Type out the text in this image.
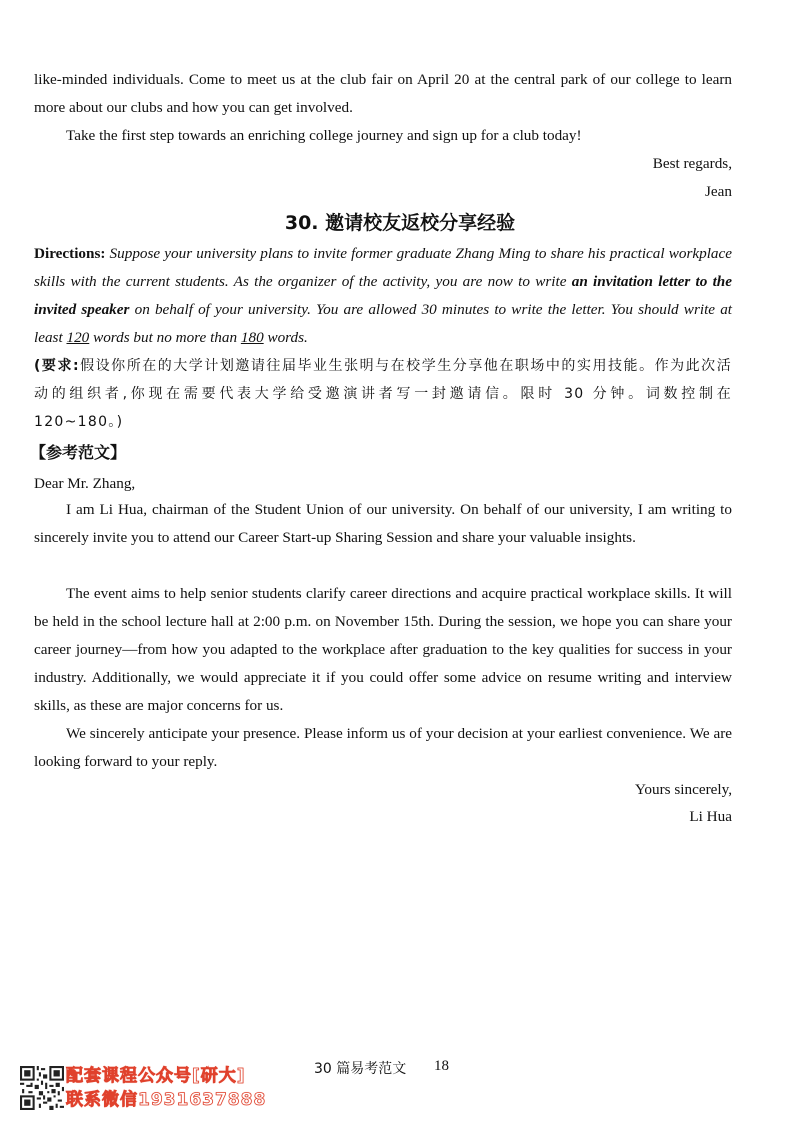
like-minded individuals. Come to meet us at the club fair on April 20 at the central park of our college to learn more about our clubs and how you can get involved.
Take the first step towards an enriching college journey and sign up for a club today!
Best regards,
Jean
30. 邀请校友返校分享经验
Directions: Suppose your university plans to invite former graduate Zhang Ming to share his practical workplace skills with the current students. As the organizer of the activity, you are now to write an invitation letter to the invited speaker on behalf of your university. You are allowed 30 minutes to write the letter. You should write at least 120 words but no more than 180 words.
(要求:假设你所在的大学计划邀请往届毕业生张明与在校学生分享他在职场中的实用技能。作为此次活动的组织者,你现在需要代表大学给受邀演讲者写一封邀请信。限时 30 分钟。词数控制在 120~180。)
【参考范文】
Dear Mr. Zhang,
I am Li Hua, chairman of the Student Union of our university. On behalf of our university, I am writing to sincerely invite you to attend our Career Start-up Sharing Session and share your valuable insights.
The event aims to help senior students clarify career directions and acquire practical workplace skills. It will be held in the school lecture hall at 2:00 p.m. on November 15th. During the session, we hope you can share your career journey—from how you adapted to the workplace after graduation to the key qualities for success in your industry. Additionally, we would appreciate it if you could offer some advice on resume writing and interview skills, as these are major concerns for us.
We sincerely anticipate your presence. Please inform us of your decision at your earliest convenience. We are looking forward to your reply.
Yours sincerely,
Li Hua
配套课程公众号[研大]
联系微信1931637888
30 篇易考范文 18
